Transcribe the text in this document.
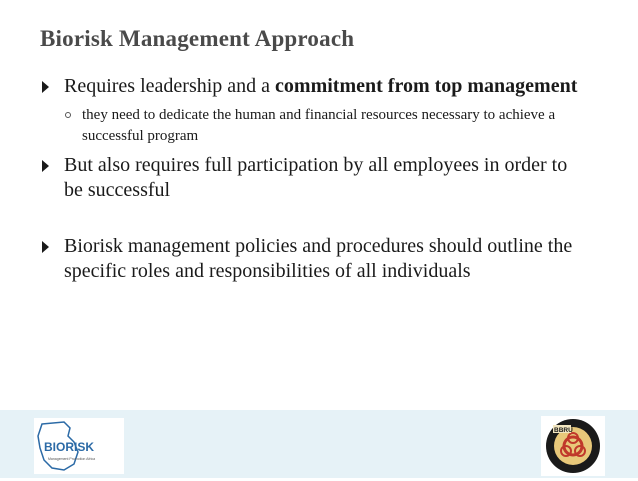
Biorisk Management Approach
Requires leadership and a commitment from top management
they need to dedicate the human and financial resources necessary to achieve a successful program
But also requires full participation by all employees in order to be successful
Biorisk management policies and procedures should outline the specific roles and responsibilities of all individuals
BIORISK
Management Promotion Africa
BBRU
